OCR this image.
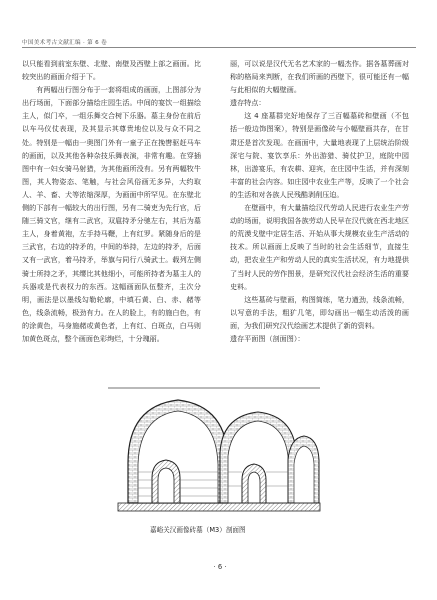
中国美术考古文献汇编 · 第 6 卷

以只能看到前室东壁、北壁、南壁及西壁上部之画面。比较突出的画面介绍于下。

有两幅出行图分布于一套将组成的画面，上图部分为出行场面，下面部分描绘庄园生活。中间的宴饮一组描绘主人，似门卒，一组乐舞交合树下乐器。墓主身份在前后以车马仪仗表现，及其显示其尊贵地位以及与众不同之处。特别是一幅由一奥图门外有一童子正在挽辔驱赶马车的画面，以及其他各种杂技乐舞表演，非常有趣。在穿插图中有一妇女骑马射猎，为其他画所没有。另有两幅牧牛图，其人物姿态、笔触，与社会风俗画无多异，大约取人、羊、畜、犬等浓缩深厚，为画面中所罕见。在东壁北侧的下部有一幅较大的出行图，另有二骑吏为先行官，后随三骑文官，继有二武官，双扈持矛分驰左右，其后为墓主人，身着黄袍，左手持马鞭，上有红罗。紧随身后的是三武官，右边的持矛的，中间的举持，左边的持矛，后面又有一武官，着马持矛，举旗与同行八骑武士。载列左侧骑士所持之矛，其缨比其他细小，可能所持者为墓主人的兵器或是代表权力的东西。这幅画面队伍整齐，主次分明，画法是以墨线勾勒轮廓，中填石黄、白、赤、赭等色，线条流畅，极劲有力。在人的脸上，有的施白色，有的涂黄色，马身施赭或黄色者，上有红、白斑点，白马则加黄色斑点，整个画面色彩绚烂，十分瑰丽。

丽，可以说是汉代无名艺术家的一幅杰作。据各墓葬画对称的格局来判断，在我们所画的西壁下，很可能还有一幅与此相似的大幅壁画。

遗存特点：

这 4 座墓群完好地保存了三百幅墓砖和壁画（不包括一般边饰图案），特别是画像砖与小幅壁画共存，在甘肃还是首次发现。在画面中，大量地表现了上层统治阶级深宅与院、宴饮享乐：外出游猎、骑仗护卫，庭院中园林，出游宴乐，有农耕、迎宾，在庄园中生活，并有深刻丰富的社会内容。如庄园中农业生产等，反映了一个社会的生活和对各族人民残酷剥削压迫。

在壁画中，有大量描绘汉代劳动人民进行农业生产劳动的场面，说明我国各族劳动人民早在汉代就在西北地区的荒漠戈壁中定居生活、开始从事大规模农业生产活动的技术。所以画面上反映了当时的社会生活细节，直接生动，把农业生产和劳动人民的真实生活状况，有力地提供了当时人民的劳作图景，是研究汉代社会经济生活的重要史料。

这些墓砖与壁画，构图简练，笔力遒劲，线条流畅，以写意的手法，粗犷几笔，即勾画出一幅生动活泼的画面，为我们研究汉代绘画艺术提供了新的资料。

遗存平面图（剖面图）：

嘉峪关汉画像砖墓（M3）剖面图
· 6 ·
